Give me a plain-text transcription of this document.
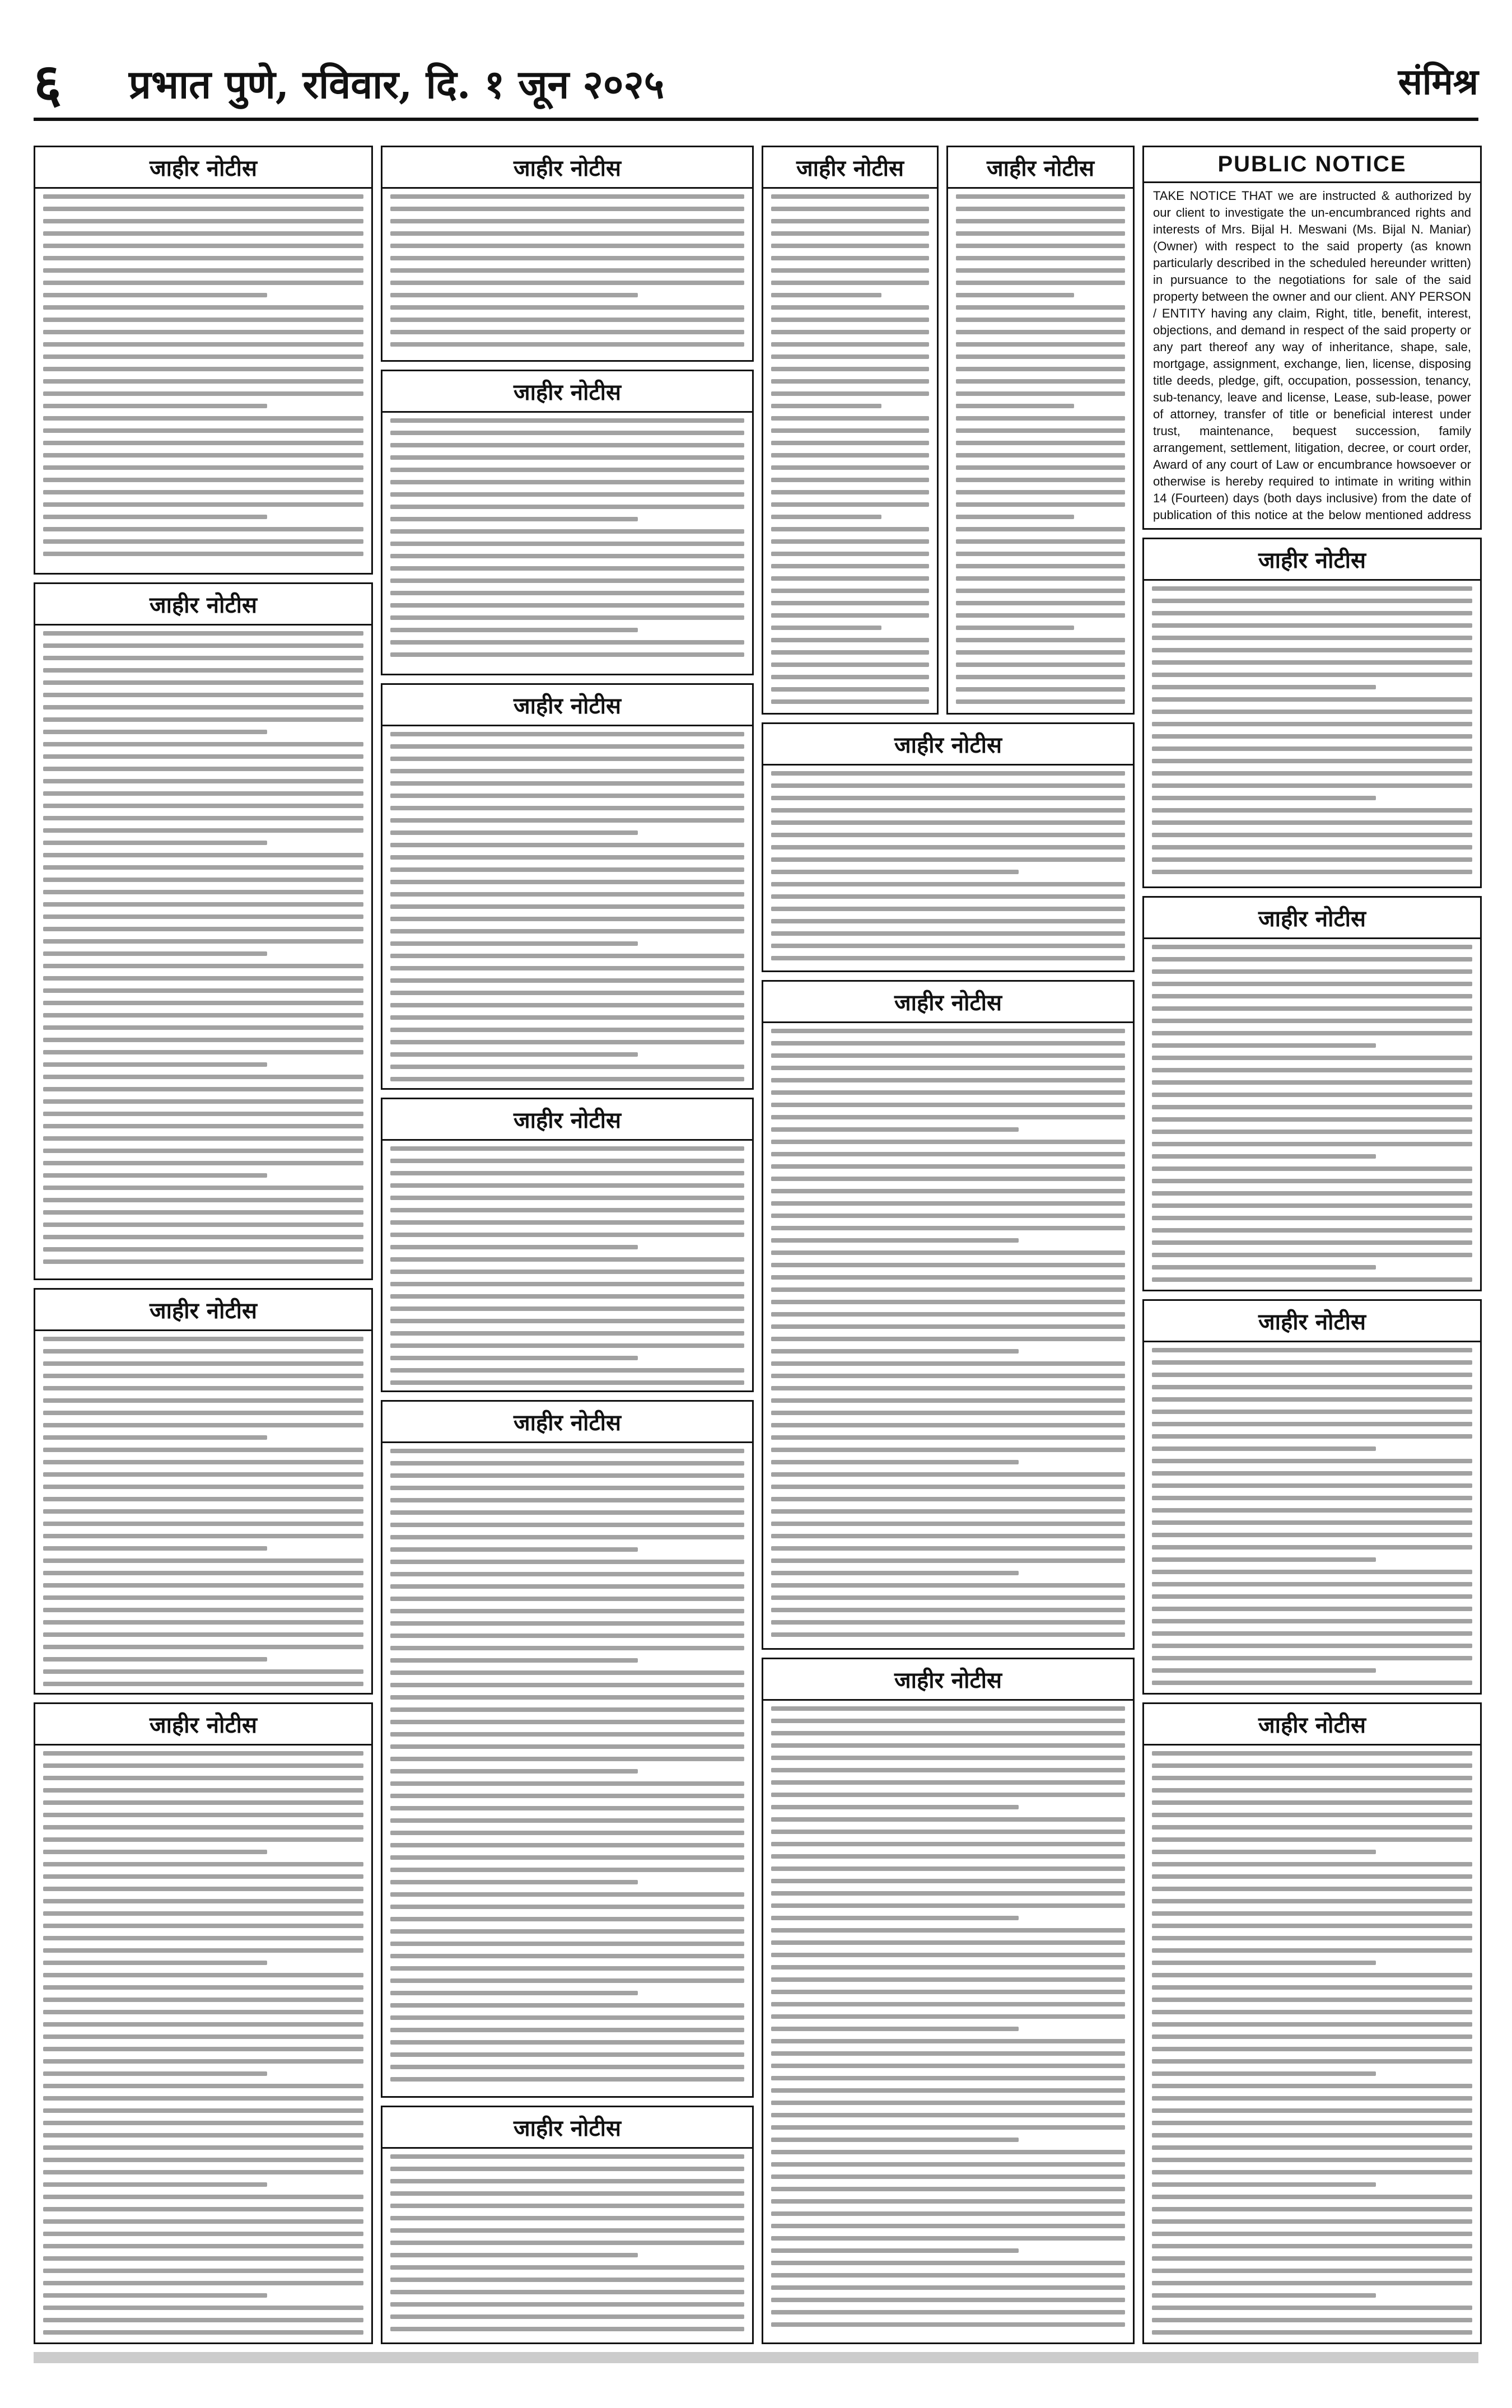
६ प्रभात पुणे, रविवार, दि. १ जून २०२५	संमिश्र
जाहीर नोटीस
जाहीर नोटीस
जाहीर नोटीस
जाहीर नोटीस
जाहीर नोटीस
जाहीर नोटीस
जाहीर नोटीस
जाहीर नोटीस
जाहीर नोटीस
जाहीर नोटीस
जाहीर नोटीस
जाहीर नोटीस
जाहीर नोटीस
जाहीर नोटीस
जाहीर नोटीस	PUBLIC NOTICE
TAKE NOTICE THAT we are instructed & authorized by our client to investigate the un-encumbranced rights and interests of Mrs. Bijal H. Meswani (Ms. Bijal N. Maniar) (Owner) with respect to the said property (as known particularly described in the scheduled hereunder written) in pursuance to the negotiations for sale of the said property between the owner and our client. ANY PERSON / ENTITY having any claim, Right, title, benefit, interest, objections, and demand in respect of the said property or any part thereof any way of inheritance, shape, sale, mortgage, assignment, exchange, lien, license, disposing title deeds, pledge, gift, occupation, possession, tenancy, sub-tenancy, leave and license, Lease, sub-lease, power of attorney, transfer of title or beneficial interest under trust, maintenance, bequest succession, family arrangement, settlement, litigation, decree, or court order, Award of any court of Law or encumbrance howsoever or otherwise is hereby required to intimate in writing within 14 (Fourteen) days (both days inclusive) from the date of publication of this notice at the below mentioned address

जाहीर नोटीस
जाहीर नोटीस
जाहीर नोटीस
जाहीर नोटीस
